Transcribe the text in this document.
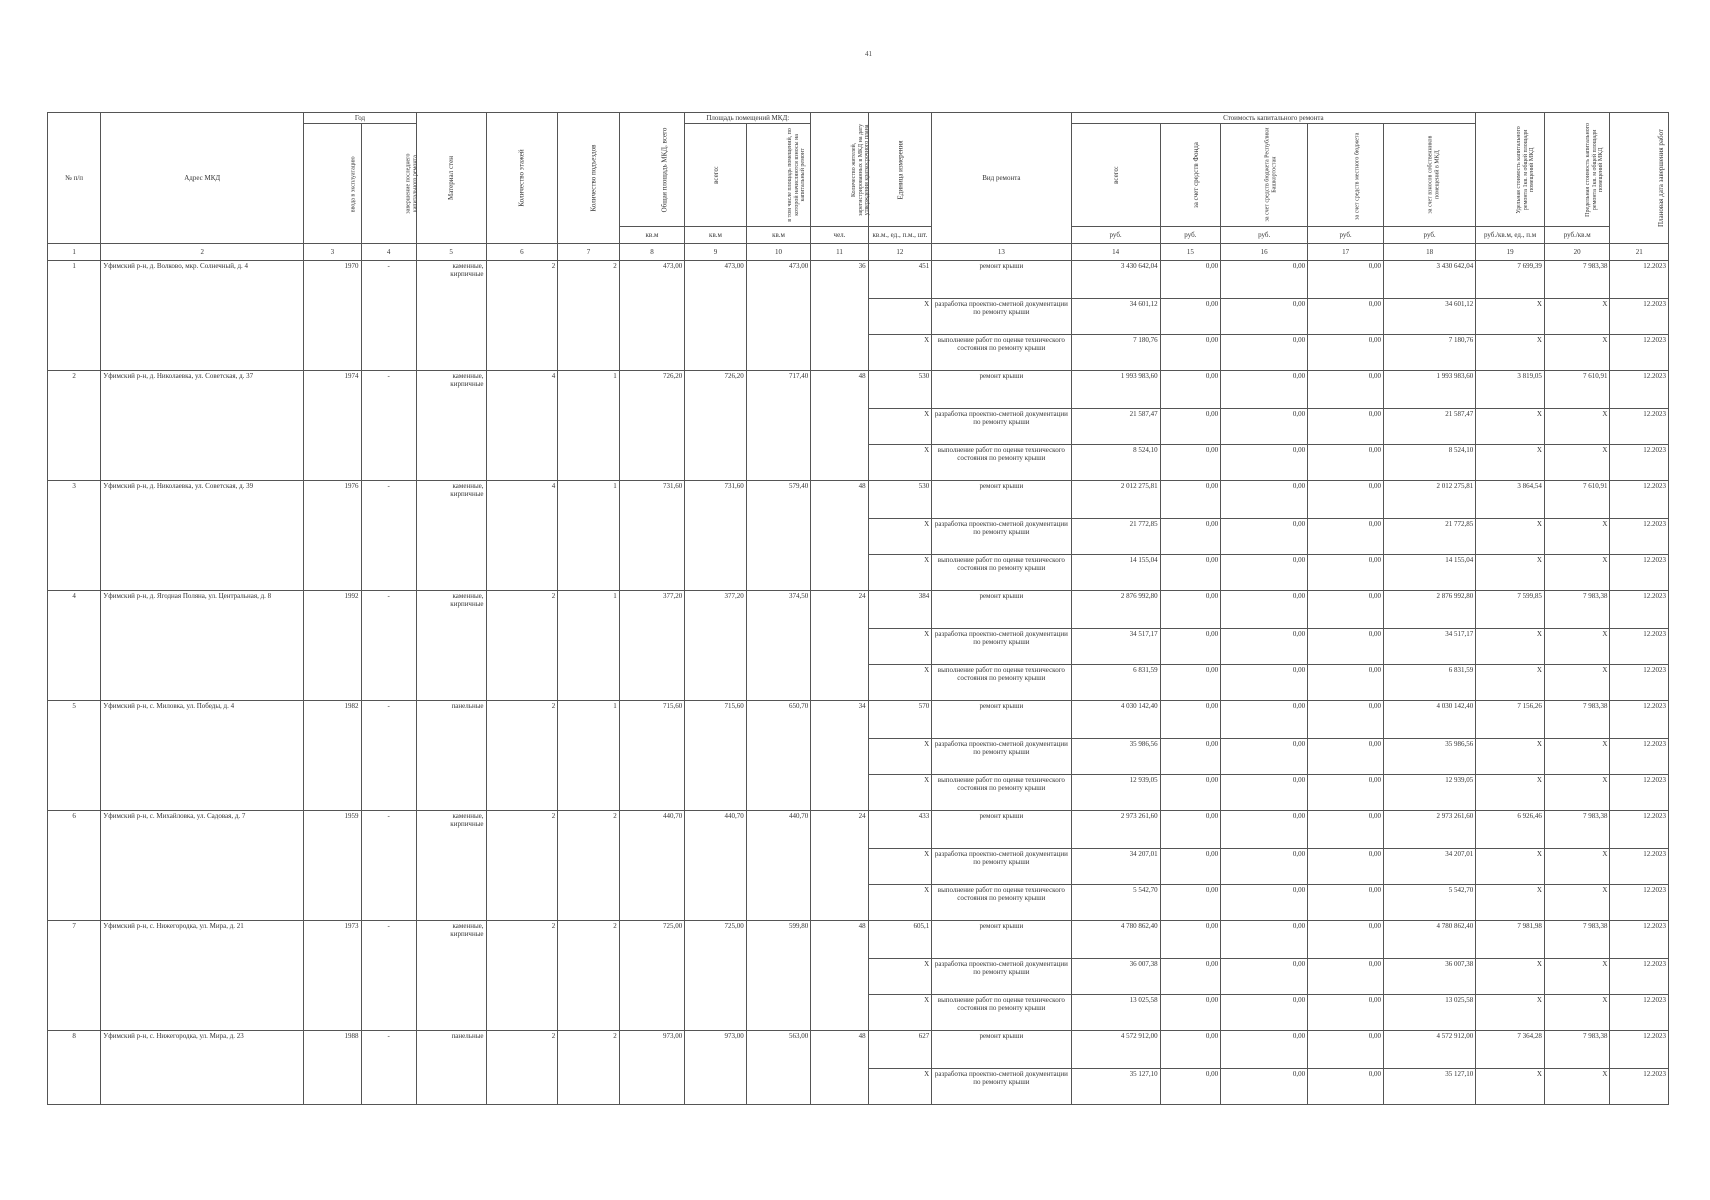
41
№ п/п	Адрес МКД	Год		Материал стен	Количество этажей	Количество подъездов	Общая площадь МКД, всего	Площадь помещений МКД:		Количество жителей, зарегистрированных в МКД на дату утверждения краткосрочного плана	Единица измерения	Вид ремонта	Стоимость капитального ремонта					Удельная стоимость капитального ремонта 1кв. м общей площади помещений МКД	Предельная стоимость капитального ремонта 1кв. м общей площади помещений МКД	Плановая дата завершения работ
		ввода в эксплуатацию	завершение последнего капитального ремонта					всего:	в том числе площадь помещений, по которой начисляются взносы на капитальный ремонт				всего:	за счет средств Фонда	за счет средств бюджета Республики Башкортостан	за счет средств местного бюджета	за счет взносов собственников помещений в МКД			
							кв.м	кв.м	кв.м	чел.	кв.м., ед., п.м., шт.		руб.	руб.	руб.	руб.	руб.	руб./кв.м, ед., п.м	руб./кв.м	
1	2	3	4	5	6	7	8	9	10	11	12	13	14	15	16	17	18	19	20	21
1	Уфимский р-н, д. Волково, мкр. Солнечный, д. 4	1970	-	каменные, кирпичные	2	2	473,00	473,00	473,00	36	451	ремонт крыши	3 430 642,04	0,00	0,00	0,00	3 430 642,04	7 699,39	7 983,38	12.2023
											X	разработка проектно-сметной документации по ремонту крыши	34 601,12	0,00	0,00	0,00	34 601,12	X	X	12.2023
											X	выполнение работ по оценке технического состояния по ремонту крыши	7 180,76	0,00	0,00	0,00	7 180,76	X	X	12.2023
2	Уфимский р-н, д. Николаевка, ул. Советская, д. 37	1974	-	каменные, кирпичные	4	1	726,20	726,20	717,40	48	530	ремонт крыши	1 993 983,60	0,00	0,00	0,00	1 993 983,60	3 819,05	7 610,91	12.2023
											X	разработка проектно-сметной документации по ремонту крыши	21 587,47	0,00	0,00	0,00	21 587,47	X	X	12.2023
											X	выполнение работ по оценке технического состояния по ремонту крыши	8 524,10	0,00	0,00	0,00	8 524,10	X	X	12.2023
3	Уфимский р-н, д. Николаевка, ул. Советская, д. 39	1976	-	каменные, кирпичные	4	1	731,60	731,60	579,40	48	530	ремонт крыши	2 012 275,81	0,00	0,00	0,00	2 012 275,81	3 864,54	7 610,91	12.2023
											X	разработка проектно-сметной документации по ремонту крыши	21 772,85	0,00	0,00	0,00	21 772,85	X	X	12.2023
											X	выполнение работ по оценке технического состояния по ремонту крыши	14 155,04	0,00	0,00	0,00	14 155,04	X	X	12.2023
4	Уфимский р-н, д. Ягодная Поляна, ул. Центральная, д. 8	1992	-	каменные, кирпичные	2	1	377,20	377,20	374,50	24	384	ремонт крыши	2 876 992,80	0,00	0,00	0,00	2 876 992,80	7 599,85	7 983,38	12.2023
											X	разработка проектно-сметной документации по ремонту крыши	34 517,17	0,00	0,00	0,00	34 517,17	X	X	12.2023
											X	выполнение работ по оценке технического состояния по ремонту крыши	6 831,59	0,00	0,00	0,00	6 831,59	X	X	12.2023
5	Уфимский р-н, с. Миловка, ул. Победы, д. 4	1982	-	панельные	2	1	715,60	715,60	650,70	34	570	ремонт крыши	4 030 142,40	0,00	0,00	0,00	4 030 142,40	7 156,26	7 983,38	12.2023
											X	разработка проектно-сметной документации по ремонту крыши	35 986,56	0,00	0,00	0,00	35 986,56	X	X	12.2023
											X	выполнение работ по оценке технического состояния по ремонту крыши	12 939,05	0,00	0,00	0,00	12 939,05	X	X	12.2023
6	Уфимский р-н, с. Михайловка, ул. Садовая, д. 7	1959	-	каменные, кирпичные	2	2	440,70	440,70	440,70	24	433	ремонт крыши	2 973 261,60	0,00	0,00	0,00	2 973 261,60	6 926,46	7 983,38	12.2023
											X	разработка проектно-сметной документации по ремонту крыши	34 207,01	0,00	0,00	0,00	34 207,01	X	X	12.2023
											X	выполнение работ по оценке технического состояния по ремонту крыши	5 542,70	0,00	0,00	0,00	5 542,70	X	X	12.2023
7	Уфимский р-н, с. Нижегородка, ул. Мира, д. 21	1973	-	каменные, кирпичные	2	2	725,00	725,00	599,80	48	605,1	ремонт крыши	4 780 862,40	0,00	0,00	0,00	4 780 862,40	7 981,98	7 983,38	12.2023
											X	разработка проектно-сметной документации по ремонту крыши	36 007,38	0,00	0,00	0,00	36 007,38	X	X	12.2023
											X	выполнение работ по оценке технического состояния по ремонту крыши	13 025,58	0,00	0,00	0,00	13 025,58	X	X	12.2023
8	Уфимский р-н, с. Нижегородка, ул. Мира, д. 23	1988	-	панельные	2	2	973,00	973,00	563,00	48	627	ремонт крыши	4 572 912,00	0,00	0,00	0,00	4 572 912,00	7 364,28	7 983,38	12.2023
											X	разработка проектно-сметной документации по ремонту крыши	35 127,10	0,00	0,00	0,00	35 127,10	X	X	12.2023
